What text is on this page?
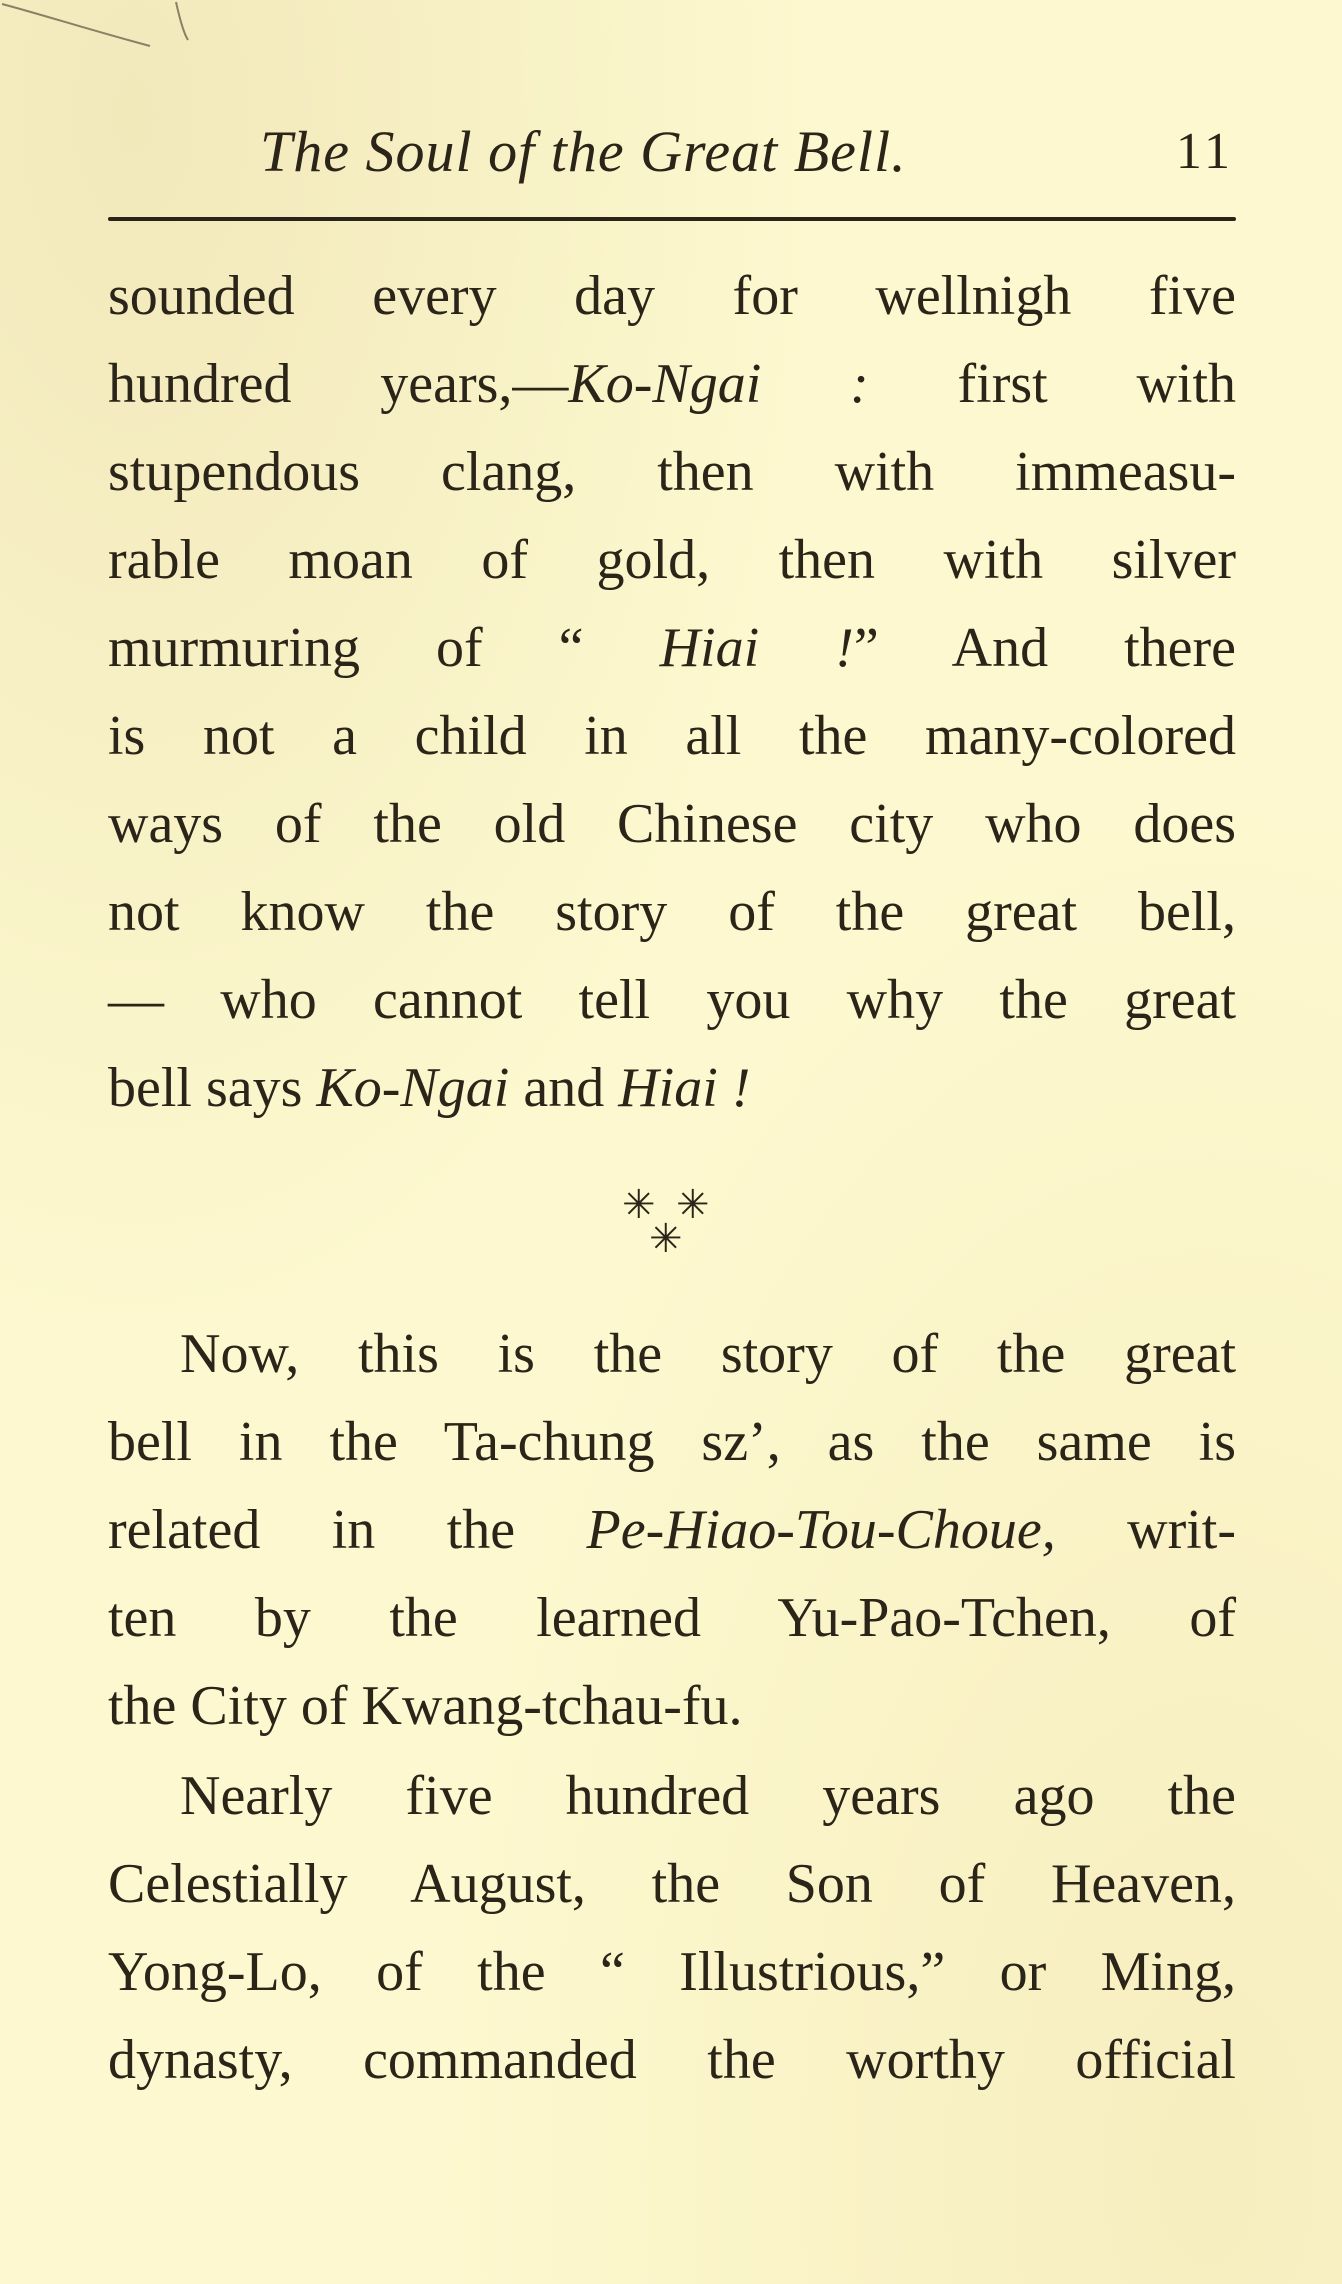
The Soul of the Great Bell.	11
sounded every day for wellnigh five
hundred years,—Ko-Ngai : first with
stupendous clang, then with immeasu-
rable moan of gold, then with silver
murmuring of “ Hiai !” And there
is not a child in all the many-colored
ways of the old Chinese city who does
not know the story of the great bell,
— who cannot tell you why the great
bell says Ko-Ngai and Hiai !
✳ ✳
✳
Now, this is the story of the great
bell in the Ta-chung sz’, as the same is
related in the Pe-Hiao-Tou-Choue, writ-
ten by the learned Yu-Pao-Tchen, of
the City of Kwang-tchau-fu.
Nearly five hundred years ago the
Celestially August, the Son of Heaven,
Yong-Lo, of the “ Illustrious,” or Ming,
dynasty, commanded the worthy official
